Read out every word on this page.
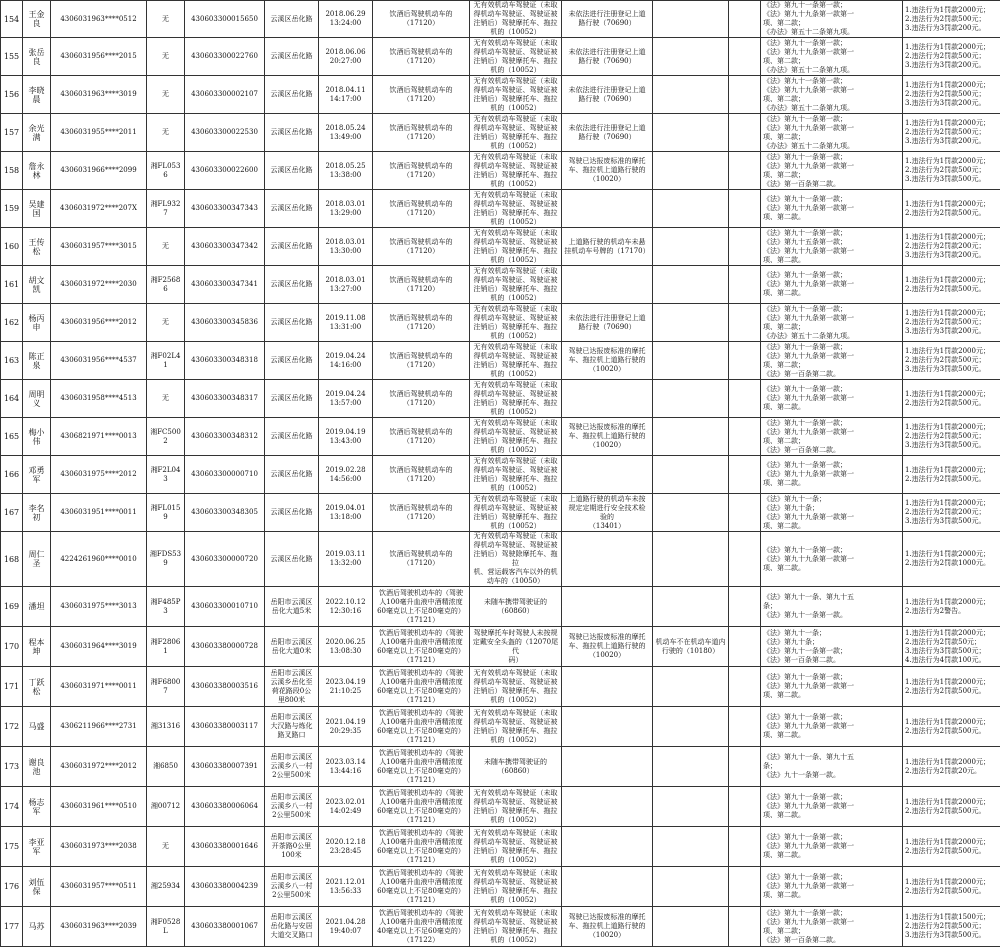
154	王金良	4306031963****0512	无	430603300015650	云溪区岳化路	2018.06.29
13:24:00	饮酒后驾驶机动车的
（17120）	无有效机动车驾驶证（未取
得机动车驾驶证、驾驶证被
注销后）驾驶摩托车、拖拉
机的（10052）	未依法进行注册登记上道
路行驶（70690）			《法》第九十一条第一款；
《法》第九十九条第一款第一
项、第二款；
《办法》第五十二条第九项。	1.违法行为1罚款2000元；
2.违法行为2罚款500元；
3.违法行为3罚款200元。

155	张岳良	4306031956****2015	无	430603300022760	云溪区岳化路	2018.06.06
20:27:00	饮酒后驾驶机动车的
（17120）	无有效机动车驾驶证（未取
得机动车驾驶证、驾驶证被
注销后）驾驶摩托车、拖拉
机的（10052）	未依法进行注册登记上道
路行驶（70690）			《法》第九十一条第一款；
《法》第九十九条第一款第一
项、第二款；
《办法》第五十二条第九项。	1.违法行为1罚款2000元；
2.违法行为2罚款500元；
3.违法行为3罚款200元。

156	李晓晨	4306031963****3019	无	430603300002107	云溪区岳化路	2018.04.11
14:17:00	饮酒后驾驶机动车的
（17120）	无有效机动车驾驶证（未取
得机动车驾驶证、驾驶证被
注销后）驾驶摩托车、拖拉
机的（10052）	未依法进行注册登记上道
路行驶（70690）			《法》第九十一条第一款；
《法》第九十九条第一款第一
项、第二款；
《办法》第五十二条第九项。	1.违法行为1罚款2000元；
2.违法行为2罚款500元；
3.违法行为3罚款200元。

157	余光满	4306031955****2011	无	430603300022530	云溪区岳化路	2018.05.24
13:49:00	饮酒后驾驶机动车的
（17120）	无有效机动车驾驶证（未取
得机动车驾驶证、驾驶证被
注销后）驾驶摩托车、拖拉
机的（10052）	未依法进行注册登记上道
路行驶（70690）			《法》第九十一条第一款；
《法》第九十九条第一款第一
项、第二款；
《办法》第五十二条第九项。	1.违法行为1罚款2000元；
2.违法行为2罚款500元；
3.违法行为3罚款200元。

158	詹永林	4306031966****2099	湘FL0536	430603300022600	云溪区岳化路	2018.05.25
13:38:00	饮酒后驾驶机动车的
（17120）	无有效机动车驾驶证（未取
得机动车驾驶证、驾驶证被
注销后）驾驶摩托车、拖拉
机的（10052）	驾驶已达报废标准的摩托
车、拖拉机上道路行驶的
（10020）			《法》第九十一条第一款；
《法》第九十九条第一款第一
项、第二款；
《法》第一百条第二款。	1.违法行为1罚款2000元；
2.违法行为2罚款500元；
3.违法行为3罚款500元。

159	吴建国	4306031972****207X	湘FL9327	430603300347343	云溪区岳化路	2018.03.01
13:29:00	饮酒后驾驶机动车的
（17120）	无有效机动车驾驶证（未取
得机动车驾驶证、驾驶证被
注销后）驾驶摩托车、拖拉
机的（10052）				《法》第九十一条第一款；
《法》第九十九条第一款第一
项、第二款。	1.违法行为1罚款2000元；
2.违法行为2罚款500元。

160	王传松	4306031957****3015	无	430603300347342	云溪区岳化路	2018.03.01
13:30:00	饮酒后驾驶机动车的
（17120）	无有效机动车驾驶证（未取
得机动车驾驶证、驾驶证被
注销后）驾驶摩托车、拖拉
机的（10052）	上道路行驶的机动车未悬
挂机动车号牌的（17170）			《法》第九十一条第一款；
《法》第九十五条第一款；
《法》第九十九条第一款第一
项、第二款。	1.违法行为1罚款2000元；
2.违法行为2罚款200元；
3.违法行为3罚款200元。

161	胡文凯	4306031972****2030	湘F25686	430603300347341	云溪区岳化路	2018.03.01
13:27:00	饮酒后驾驶机动车的
（17120）	无有效机动车驾驶证（未取
得机动车驾驶证、驾驶证被
注销后）驾驶摩托车、拖拉
机的（10052）				《法》第九十一条第一款；
《法》第九十九条第一款第一
项、第二款。	1.违法行为1罚款2000元；
2.违法行为2罚款500元。

162	杨丙申	4306031956****2012	无	430603300345836	云溪区岳化路	2019.11.08
13:31:00	饮酒后驾驶机动车的
（17120）	无有效机动车驾驶证（未取
得机动车驾驶证、驾驶证被
注销后）驾驶摩托车、拖拉
机的（10052）	未依法进行注册登记上道
路行驶（70690）			《法》第九十一条第一款；
《法》第九十九条第一款第一
项、第二款；
《办法》第五十二条第九项。	1.违法行为1罚款2000元；
2.违法行为2罚款500元；
3.违法行为3罚款200元。

163	陈正泉	4306031956****4537	湘F02L41	430603300348318	云溪区岳化路	2019.04.24
14:16:00	饮酒后驾驶机动车的
（17120）	无有效机动车驾驶证（未取
得机动车驾驶证、驾驶证被
注销后）驾驶摩托车、拖拉
机的（10052）	驾驶已达报废标准的摩托
车、拖拉机上道路行驶的
（10020）			《法》第九十一条第一款；
《法》第九十九条第一款第一
项、第二款；
《法》第一百条第二款。	1.违法行为1罚款2000元；
2.违法行为2罚款500元；
3.违法行为3罚款500元。

164	周明义	4306031958****4513	无	430603300348317	云溪区岳化路	2019.04.24
13:57:00	饮酒后驾驶机动车的
（17120）	无有效机动车驾驶证（未取
得机动车驾驶证、驾驶证被
注销后）驾驶摩托车、拖拉
机的（10052）				《法》第九十一条第一款；
《法》第九十九条第一款第一
项、第二款。	1.违法行为1罚款2000元；
2.违法行为2罚款500元。

165	梅小伟	4306821971****0013	湘FC5002	430603300348312	云溪区岳化路	2019.04.19
13:43:00	饮酒后驾驶机动车的
（17120）	无有效机动车驾驶证（未取
得机动车驾驶证、驾驶证被
注销后）驾驶摩托车、拖拉
机的（10052）	驾驶已达报废标准的摩托
车、拖拉机上道路行驶的
（10020）			《法》第九十一条第一款；
《法》第九十九条第一款第一
项、第二款；
《法》第一百条第二款。	1.违法行为1罚款2000元；
2.违法行为2罚款500元；
3.违法行为3罚款500元。

166	邓勇军	4306031975****2012	湘F2L043	430603300000710	云溪区岳化路	2019.02.28
14:56:00	饮酒后驾驶机动车的
（17120）	无有效机动车驾驶证（未取
得机动车驾驶证、驾驶证被
注销后）驾驶摩托车、拖拉
机的（10052）				《法》第九十一条第一款；
《法》第九十九条第一款第一
项、第二款。	1.违法行为1罚款2000元；
2.违法行为2罚款500元。

167	李名初	4306031951****0011	湘FL0159	430603300348305	云溪区岳化路	2019.04.01
13:18:00	饮酒后驾驶机动车的
（17120）	无有效机动车驾驶证（未取
得机动车驾驶证、驾驶证被
注销后）驾驶摩托车、拖拉
机的（10052）	上道路行驶的机动车未按
规定定期进行安全技术检
验的
（13401）			《法》第九十一条；
《法》第九十条；
《法》第九十九条第一款第一
项、第二款。	1.违法行为1罚款2000元；
2.违法行为2罚款200元；
3.违法行为3罚款500元。

168	周仁圣	4224261960****0010	湘FDS539	430603300000720	云溪区岳化路	2019.03.11
13:32:00	饮酒后驾驶机动车的
（17120）	无有效机动车驾驶证（未取
得机动车驾驶证、驾驶证被
注销后）驾驶除摩托车、拖拉
机、营运载客汽车以外的机
动车的（10050）				《法》第九十一条第一款；
《法》第九十九条第一款第一
项、第二款。	1.违法行为1罚款2000元；
2.违法行为2罚款1000元。

169	潘坦	4306031975****3013	湘F485P3	430603300010710	岳阳市云溪区
岳化大道5米	2022.10.12
12:30:16	饮酒后驾驶机动车的（驾驶
人100毫升血液中酒精浓度
60毫克以上不足80毫克的）
（17121）	未随车携带驾驶证的
（60860）				《法》第九十一条、第九十五
条；
《法》第九十一条第一款。	1.违法行为1罚款2000元；
2.违法行为2警告。

170	程本坤	4306031964****3019	湘F28061	430603380000728	岳阳市云溪区
岳化大道0米	2020.06.25
13:08:30	饮酒后驾驶机动车的（驾驶
人100毫升血液中酒精浓度
60毫克以上不足80毫克的）
（17121）	驾驶摩托车时驾驶人未按规
定戴安全头盔的（12070尾代
码）	驾驶已达报废标准的摩托
车、拖拉机上道路行驶的
（10020）	机动车不在机动车道内
行驶的（10180）		《法》第九十一条；
《法》第九十条；
《法》第九十一条第一款；
《法》第一百条第二款。	1.违法行为1罚款2000元；
2.违法行为2罚款50元；
3.违法行为3罚款500元；
4.违法行为4罚款100元。

171	丁跃松	4306031971****0011	湘F68007	430603380003516	岳阳市云溪区
云溪乡岳化至
荷花路段0公
里800米	2023.04.19
21:10:25	饮酒后驾驶机动车的（驾驶
人100毫升血液中酒精浓度
60毫克以上不足80毫克的）
（17121）	无有效机动车驾驶证（未取
得机动车驾驶证、驾驶证被
注销后）驾驶摩托车、拖拉
机的（10052）				《法》第九十一条第一款；
《法》第九十九条第一款第一
项、第二款。	1.违法行为1罚款2000元；
2.违法行为2罚款500元。

172	马盛	4306211966****2731	湘31316	430603380003117	岳阳市云溪区
大汉路与炼化
路叉路口	2021.04.19
20:29:35	饮酒后驾驶机动车的（驾驶
人100毫升血液中酒精浓度
60毫克以上不足80毫克的）
（17121）	无有效机动车驾驶证（未取
得机动车驾驶证、驾驶证被
注销后）驾驶摩托车、拖拉
机的（10052）				《法》第九十一条第一款；
《法》第九十九条第一款第一
项、第二款。	1.违法行为1罚款2000元；
2.违法行为2罚款500元。

173	谢良池	4306031972****2012	湘6850	430603380007391	岳阳市云溪区
云溪乡八一村
2公里500米	2023.03.14
13:44:16	饮酒后驾驶机动车的（驾驶
人100毫升血液中酒精浓度
60毫克以上不足80毫克的）
（17121）	未随车携带驾驶证的
（60860）				《法》第九十一条、第九十五
条；
《法》九十一条第一款。	1.违法行为1罚款2000元；
2.违法行为2罚款20元。

174	杨志军	4306031961****0510	湘00712	430603380006064	岳阳市云溪区
云溪乡八一村
2公里500米	2023.02.01
14:02:49	饮酒后驾驶机动车的（驾驶
人100毫升血液中酒精浓度
60毫克以上不足80毫克的）
（17121）	无有效机动车驾驶证（未取
得机动车驾驶证、驾驶证被
注销后）驾驶摩托车、拖拉
机的（10052）				《法》第九十一条第一款；
《法》第九十九条第一款第一
项、第二款。	1.违法行为1罚款2000元；
2.违法行为2罚款500元。

175	李亚军	4306031973****2038	无	430603380001646	岳阳市云溪区
开茶路0公里
100米	2020.12.18
23:28:45	饮酒后驾驶机动车的（驾驶
人100毫升血液中酒精浓度
60毫克以上不足80毫克的）
（17121）	无有效机动车驾驶证（未取
得机动车驾驶证、驾驶证被
注销后）驾驶摩托车、拖拉
机的（10052）				《法》第九十一条第一款；
《法》第九十九条第一款第一
项、第二款。	1.违法行为1罚款2000元；
2.违法行为2罚款500元。

176	刘伍保	4306031957****0511	湘25934	430603380004239	岳阳市云溪区
云溪乡八一村
2公里500米	2021.12.01
13:56:33	饮酒后驾驶机动车的（驾驶
人100毫升血液中酒精浓度
60毫克以上不足80毫克的）
（17121）	无有效机动车驾驶证（未取
得机动车驾驶证、驾驶证被
注销后）驾驶摩托车、拖拉
机的（10052）				《法》第九十一条第一款；
《法》第九十九条第一款第一
项、第二款。	1.违法行为1罚款2000元；
2.违法行为2罚款500元。

177	马苏	4306031963****2039	湘F0528L	430603380001067	岳阳市云溪区
岳化路与安居
大道交叉路口	2021.04.28
19:40:07	饮酒后驾驶机动车的（驾驶
人100毫升血液中酒精浓度
40毫克以上不足60毫克的）
（17122）	无有效机动车驾驶证（未取
得机动车驾驶证、驾驶证被
注销后）驾驶摩托车、拖拉
机的（10052）	驾驶已达报废标准的摩托
车、拖拉机上道路行驶的
（10020）			《法》第九十一条第一款；
《法》第九十九条第一款第一
项、第二款；
《法》第一百条第二款。	1.违法行为1罚款1500元；
2.违法行为2罚款500元；
3.违法行为3罚款500元。
